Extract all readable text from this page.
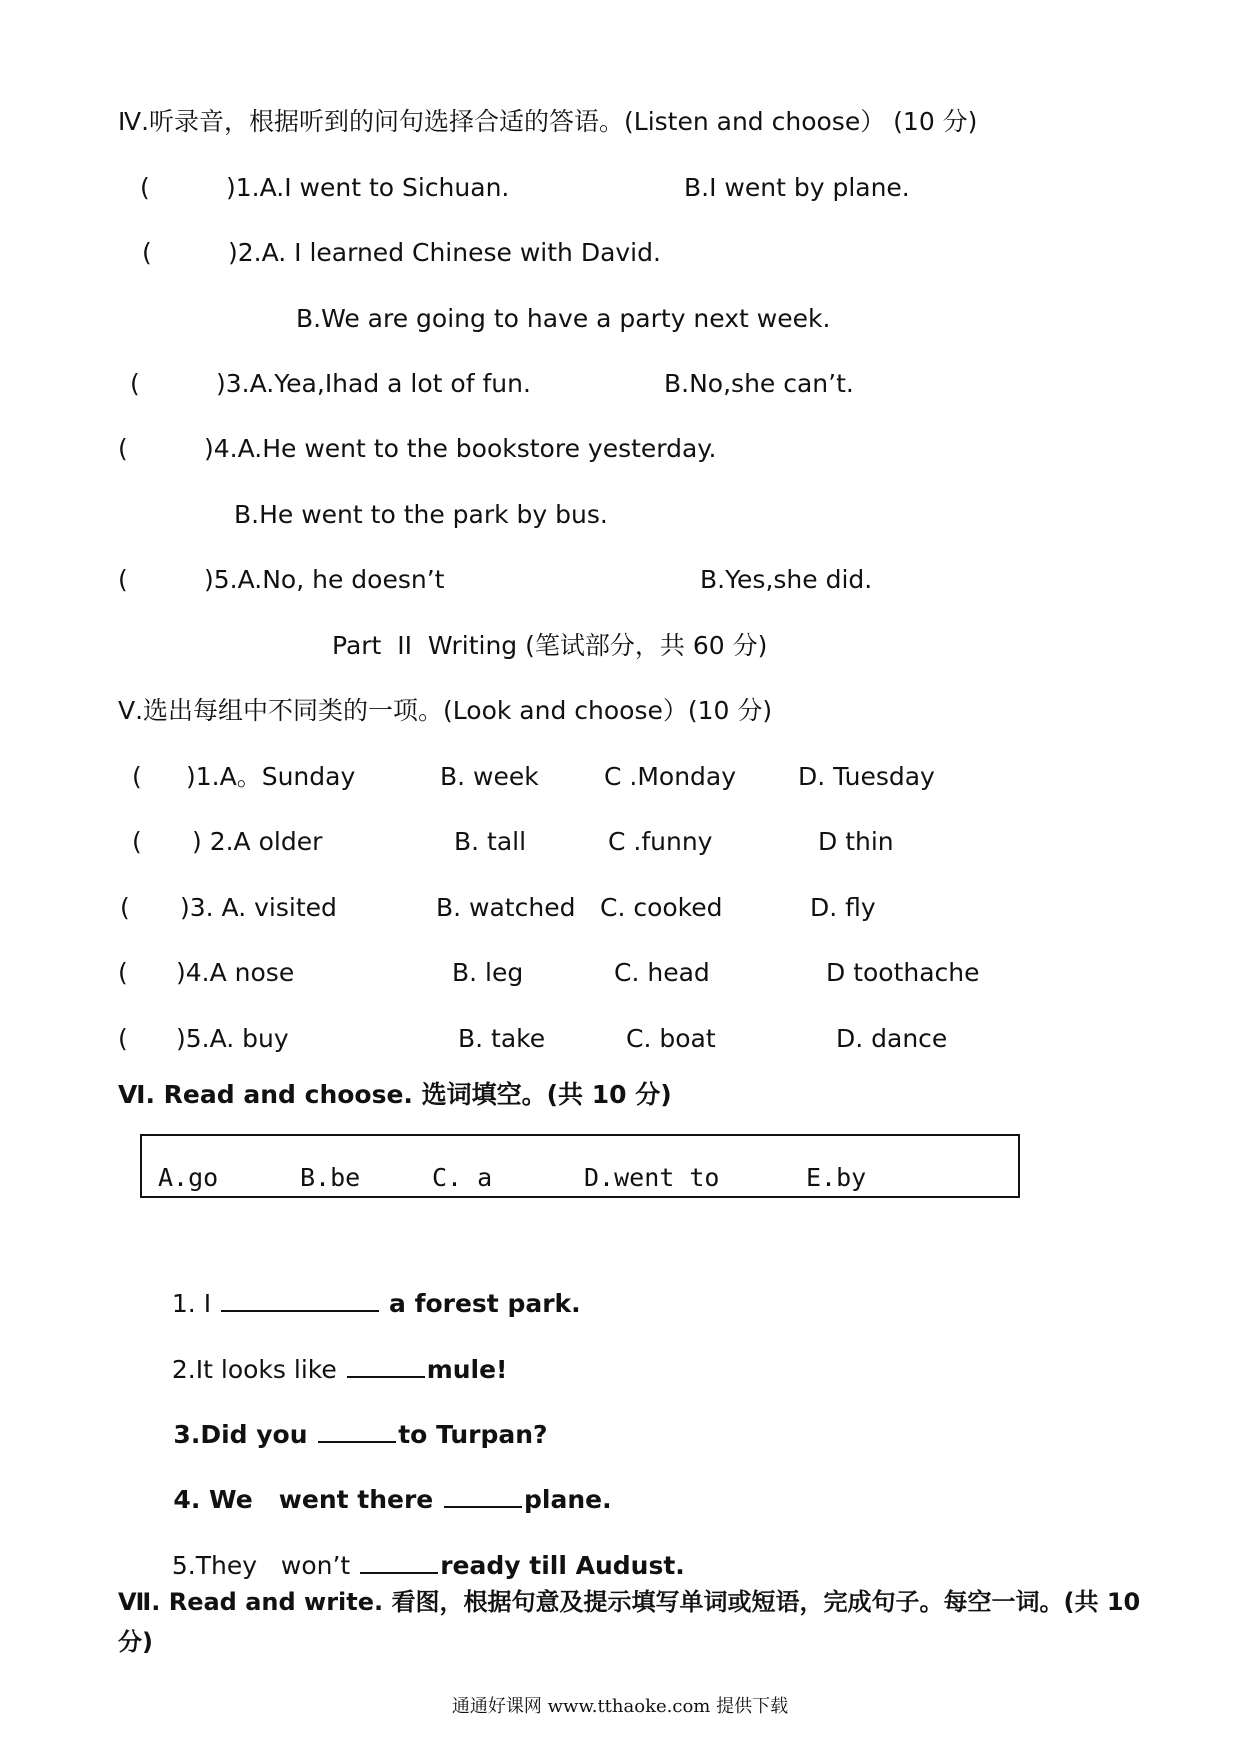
Ⅳ.听录音，根据听到的问句选择合适的答语。(Listen and choose） (10 分)
(	)1.A.I went to Sichuan.	B.I went by plane.
(	)2.A. I learned Chinese with David.
B.We are going to have a party next week.
(	)3.A.Yea,Ihad a lot of fun.	B.No,she can’t.
(	)4.A.He went to the bookstore yesterday.
B.He went to the park by bus.
(	)5.A.No, he doesn’t	B.Yes,she did.
Part  II  Writing (笔试部分，共 60 分)
Ⅴ.选出每组中不同类的一项。(Look and choose）(10 分)
( )1.A。Sunday	B. week	C .Monday D. Tuesday
( ) 2.A older	B. tall	C .funny	D thin
( )3. A. visited	B. watched C. cooked	D. fly
( )4.A nose	B. leg	C. head	D toothache
( )5.A. buy	B. take	C. boat	D. dance
Ⅵ. Read and choose. 选词填空。(共 10 分)
A.go	B.be	C. a	D.went to	E.by

1. I	a forest park.

2.It looks like	mule!

3.Did you	to Turpan?

4. We   went there	plane.

5.They   won’t	ready till Audust.

Ⅶ. Read and write. 看图，根据句意及提示填写单词或短语，完成句子。每空一词。(共 10
分)
通通好课网 www.tthaoke.com 提供下载
